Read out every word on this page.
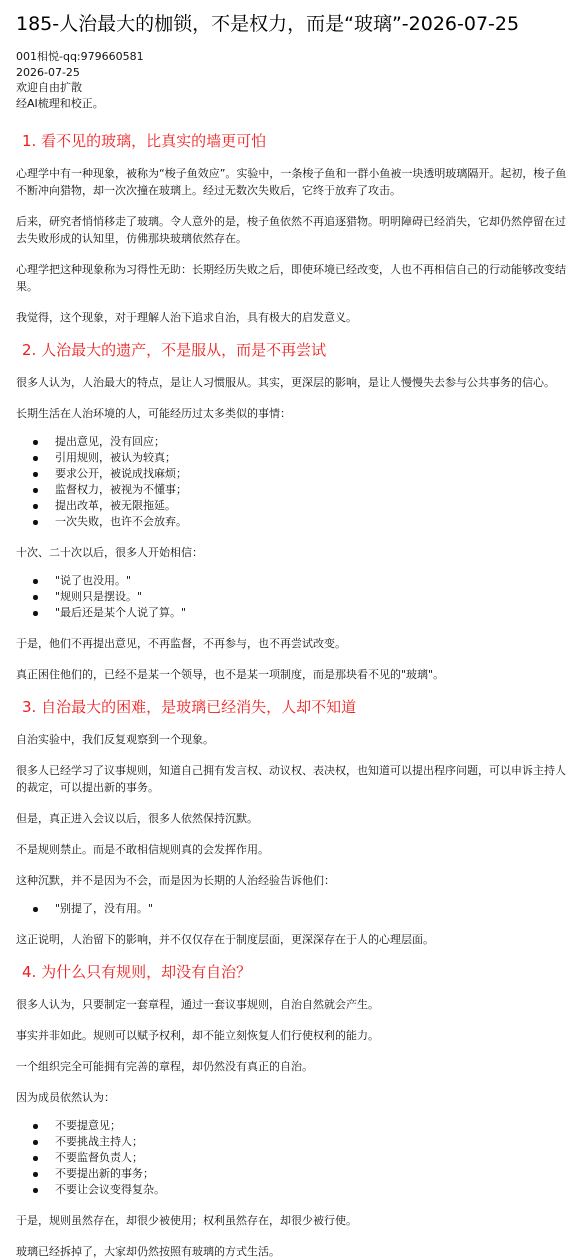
185-人治最大的枷锁，不是权力，而是“玻璃”-2026-07-25
001相悦-qq:979660581
2026-07-25
欢迎自由扩散
经AI梳理和校正。
1. 看不见的玻璃，比真实的墙更可怕

心理学中有一种现象，被称为“梭子鱼效应”。实验中，一条梭子鱼和一群小鱼被一块透明玻璃隔开。起初，梭子鱼不断冲向猎物，却一次次撞在玻璃上。经过无数次失败后，它终于放弃了攻击。

后来，研究者悄悄移走了玻璃。令人意外的是，梭子鱼依然不再追逐猎物。明明障碍已经消失，它却仍然停留在过去失败形成的认知里，仿佛那块玻璃依然存在。

心理学把这种现象称为习得性无助：长期经历失败之后，即使环境已经改变，人也不再相信自己的行动能够改变结果。

我觉得，这个现象，对于理解人治下追求自治，具有极大的启发意义。

2. 人治最大的遗产，不是服从，而是不再尝试

很多人认为，人治最大的特点，是让人习惯服从。其实，更深层的影响，是让人慢慢失去参与公共事务的信心。

长期生活在人治环境的人，可能经历过太多类似的事情：

提出意见，没有回应；
引用规则，被认为较真；
要求公开，被说成找麻烦；
监督权力，被视为不懂事；
提出改革，被无限拖延。
一次失败，也许不会放弃。

十次、二十次以后，很多人开始相信：

"说了也没用。"
"规则只是摆设。"
"最后还是某个人说了算。"

于是，他们不再提出意见，不再监督，不再参与，也不再尝试改变。

真正困住他们的，已经不是某一个领导，也不是某一项制度，而是那块看不见的"玻璃"。

3. 自治最大的困难，是玻璃已经消失，人却不知道

自治实验中，我们反复观察到一个现象。

很多人已经学习了议事规则，知道自己拥有发言权、动议权、表决权，也知道可以提出程序问题，可以申诉主持人的裁定，可以提出新的事务。

但是，真正进入会议以后，很多人依然保持沉默。

不是规则禁止。而是不敢相信规则真的会发挥作用。

这种沉默，并不是因为不会，而是因为长期的人治经验告诉他们：

"别提了，没有用。"

这正说明，人治留下的影响，并不仅仅存在于制度层面，更深深存在于人的心理层面。

4. 为什么只有规则，却没有自治？

很多人认为，只要制定一套章程，通过一套议事规则，自治自然就会产生。

事实并非如此。规则可以赋予权利，却不能立刻恢复人们行使权利的能力。

一个组织完全可能拥有完善的章程，却仍然没有真正的自治。

因为成员依然认为：

不要提意见；
不要挑战主持人；
不要监督负责人；
不要提出新的事务；
不要让会议变得复杂。

于是，规则虽然存在，却很少被使用；权利虽然存在，却很少被行使。

玻璃已经拆掉了，大家却仍然按照有玻璃的方式生活。
